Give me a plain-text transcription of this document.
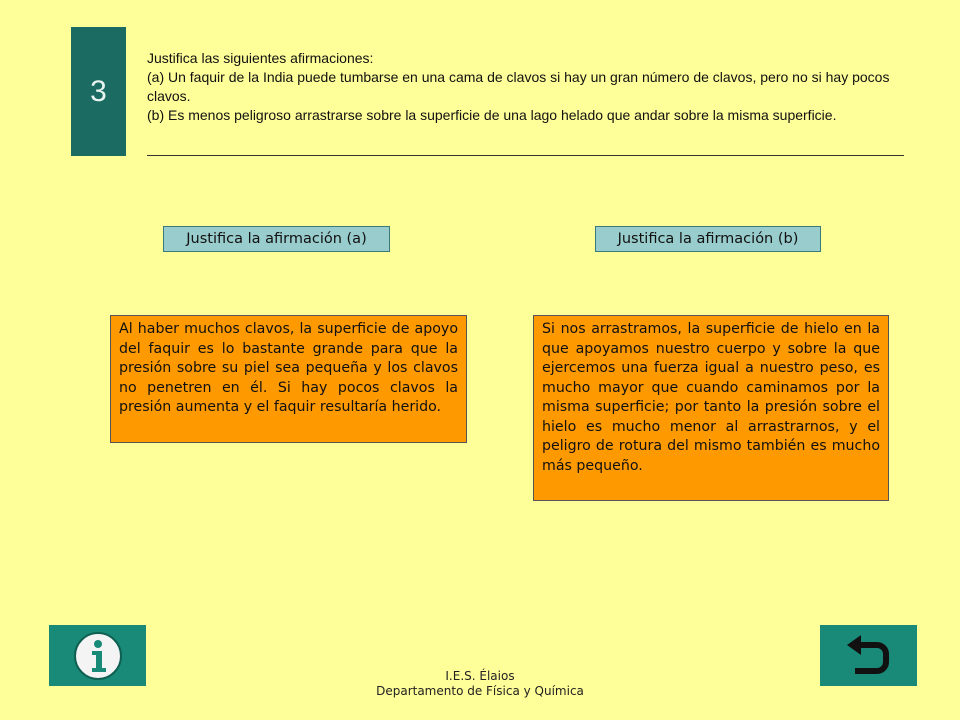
3
Justifica las siguientes afirmaciones:
(a) Un faquir de la India puede tumbarse en una cama de clavos si hay un gran número de clavos, pero no si hay pocos clavos.
(b) Es menos peligroso arrastrarse sobre la superficie de una lago helado que andar sobre la misma superficie.
Justifica la afirmación (a)	Justifica la afirmación (b)
Al haber muchos clavos, la superficie de apoyo del faquir es lo bastante grande para que la presión sobre su piel sea pequeña y los clavos no penetren en él. Si hay pocos clavos la presión aumenta y el faquir resultaría herido.
Si nos arrastramos, la superficie de hielo en la que apoyamos nuestro cuerpo y sobre la que ejercemos una fuerza igual a nuestro peso, es mucho mayor que cuando caminamos por la misma superficie; por tanto la presión sobre el hielo es mucho menor al arrastrarnos, y el peligro de rotura del mismo también es mucho más pequeño.
I.E.S. Élaios
Departamento de Física y Química
